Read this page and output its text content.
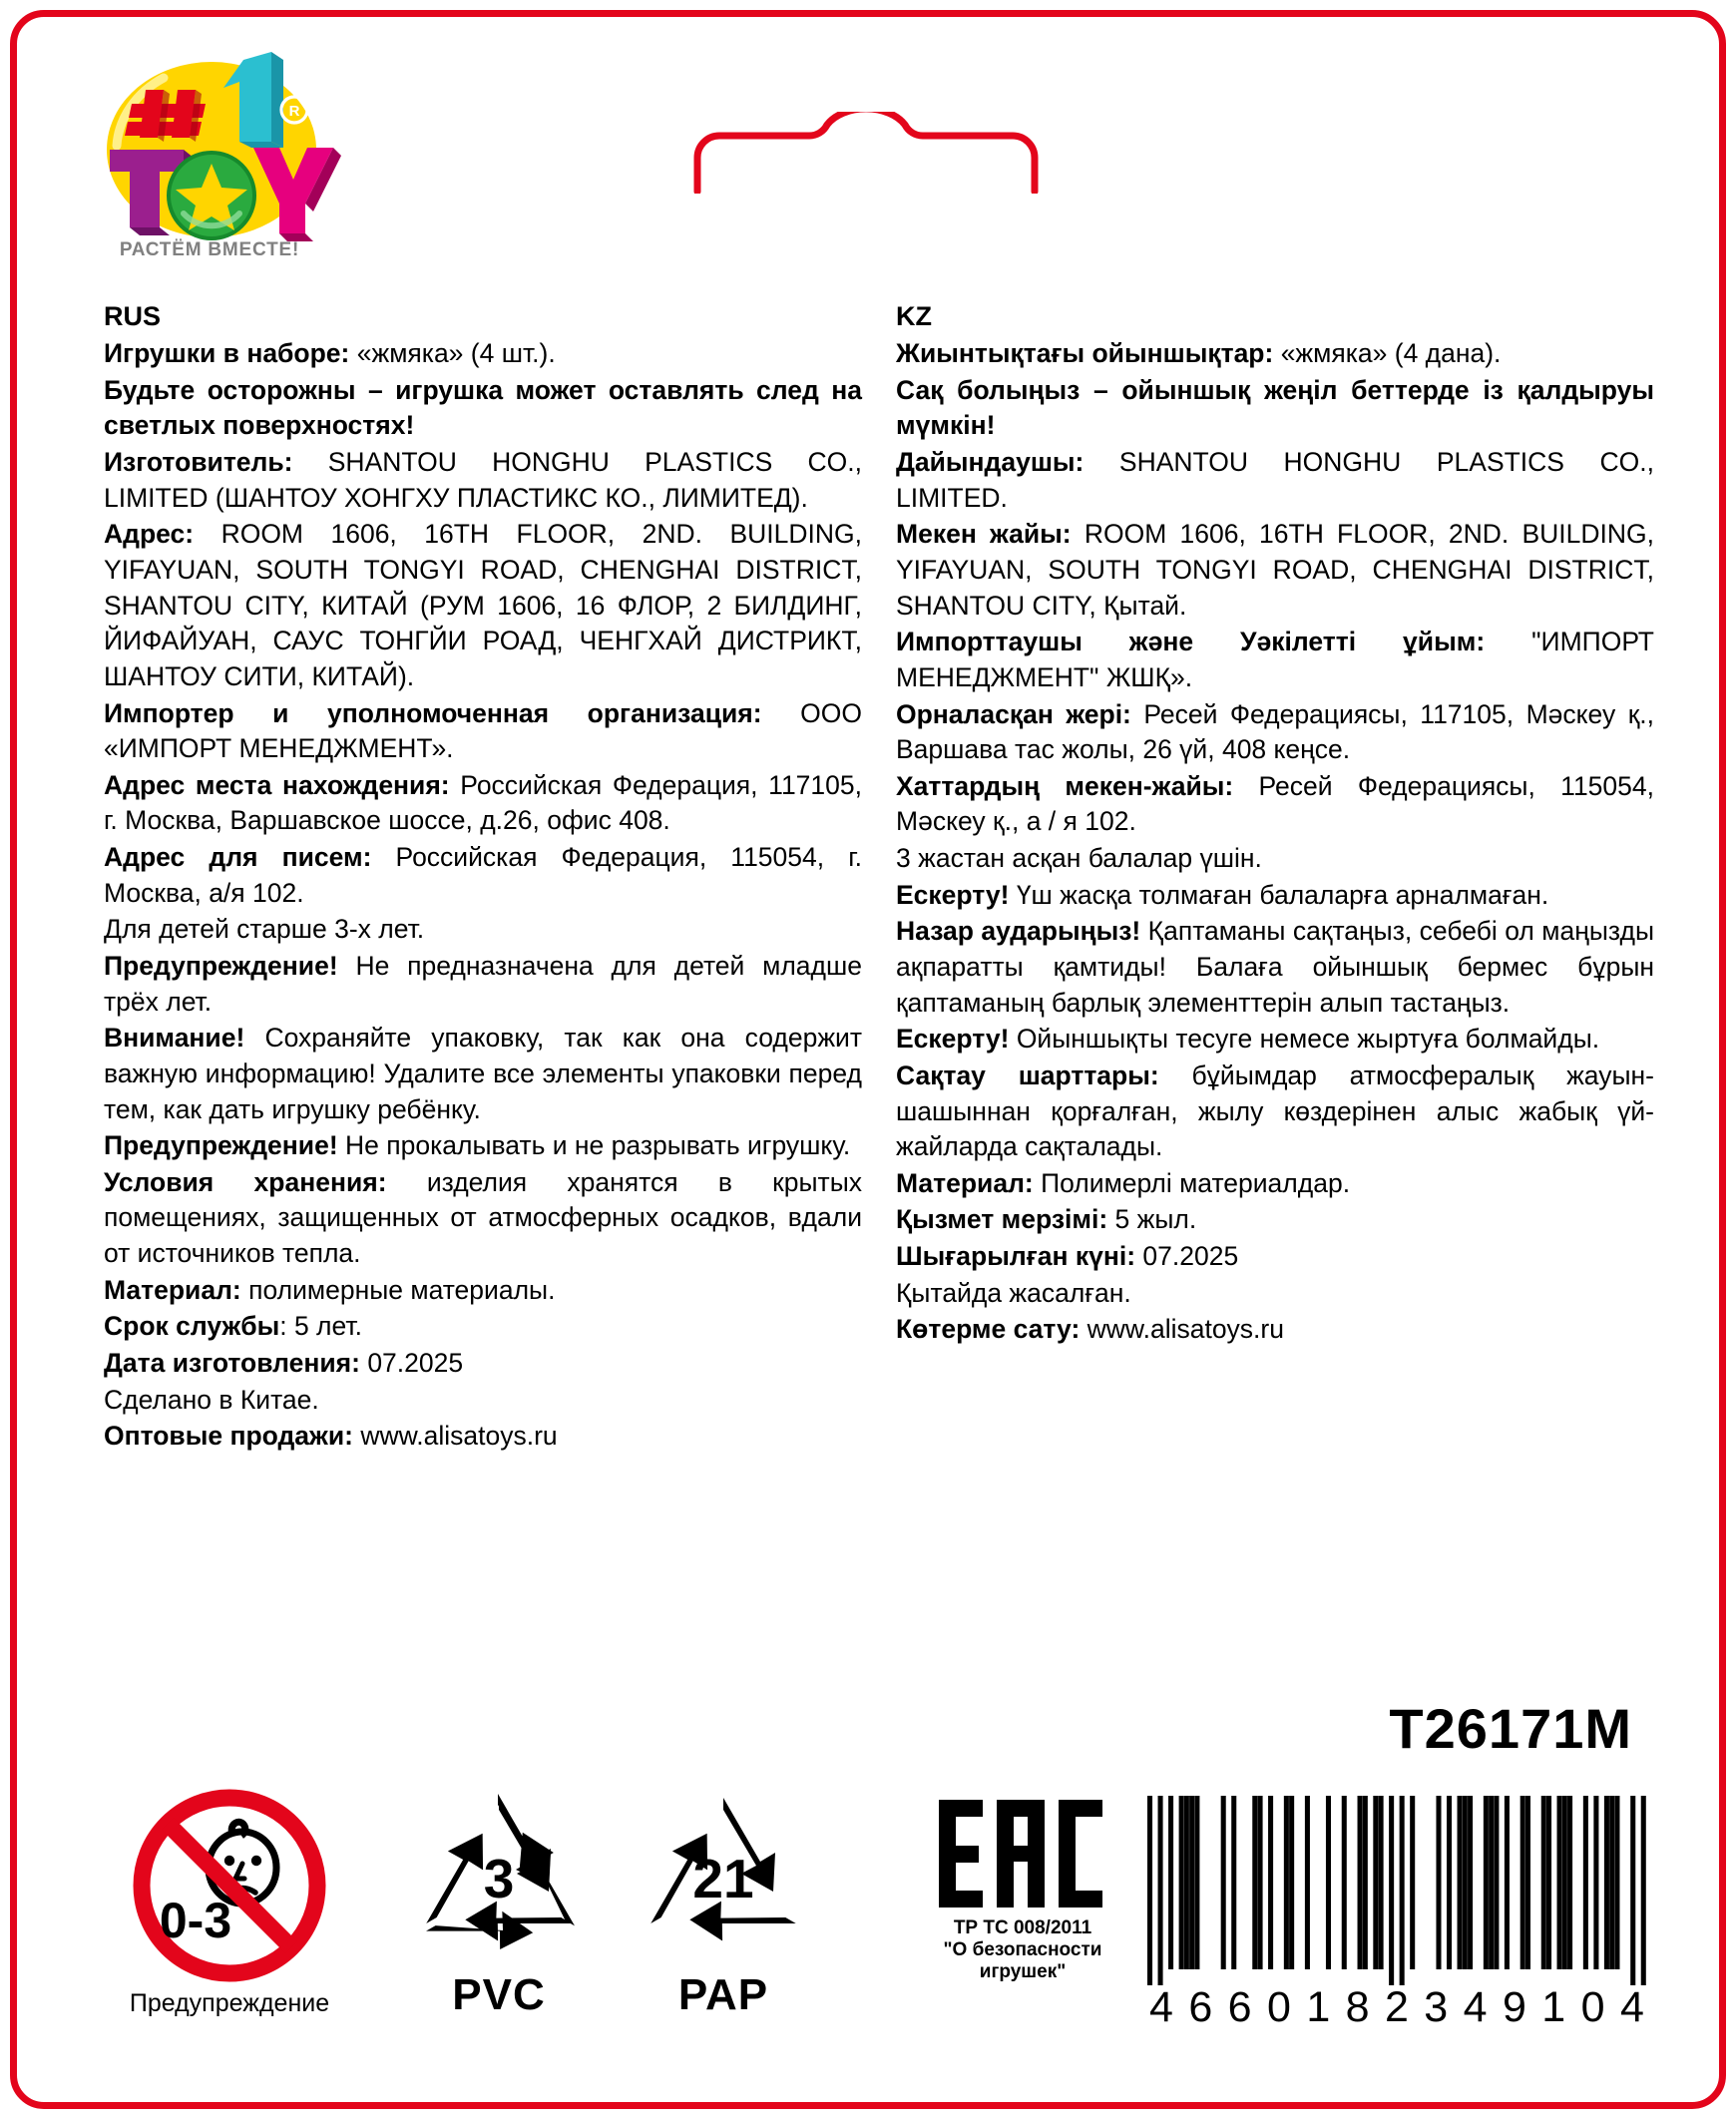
R
РАСТЁМ ВМЕСТЕ!
RUS

Игрушки в наборе: «жмяка» (4 шт.).

Будьте осторожны – игрушка может оставлять след на светлых поверхностях!

Изготовитель: SHANTOU HONGHU PLASTICS CO., LIMITED (ШАНТОУ ХОНГХУ ПЛАСТИКС КО., ЛИМИТЕД).

Адрес: ROOM 1606, 16TH FLOOR, 2ND. BUILDING, YIFAYUAN, SOUTH TONGYI ROAD, CHENGHAI DISTRICT, SHANTOU CITY, КИТАЙ (РУМ 1606, 16 ФЛОР, 2 БИЛДИНГ, ЙИФАЙУАН, САУС ТОНГЙИ РОАД, ЧЕНГХАЙ ДИСТРИКТ, ШАНТОУ СИТИ, КИТАЙ).

Импортер и уполномоченная организация: ООО «ИМПОРТ МЕНЕДЖМЕНТ».

Адрес места нахождения: Российская Федерация, 117105, г. Москва, Варшавское шоссе, д.26, офис 408.

Адрес для писем: Российская Федерация, 115054, г. Москва, а/я 102.

Для детей старше 3-х лет.

Предупреждение! Не предназначена для детей младше трёх лет.

Внимание! Сохраняйте упаковку, так как она содержит важную информацию! Удалите все элементы упаковки перед тем, как дать игрушку ребёнку.

Предупреждение! Не прокалывать и не разрывать игрушку.

Условия хранения: изделия хранятся в крытых помещениях, защищенных от атмосферных осадков, вдали от источников тепла.

Материал: полимерные материалы.

Срок службы: 5 лет.

Дата изготовления: 07.2025

Сделано в Китае.

Оптовые продажи: www.alisatoys.ru

KZ

Жиынтықтағы ойыншықтар: «жмяка» (4 дана).

Сақ болыңыз – ойыншық жеңіл беттерде із қалдыруы мүмкін!

Дайындаушы: SHANTOU HONGHU PLASTICS CO., LIMITED.

Мекен жайы: ROOM 1606, 16TH FLOOR, 2ND. BUILDING, YIFAYUAN, SOUTH TONGYI ROAD, CHENGHAI DISTRICT, SHANTOU CITY, Қытай.

Импорттаушы және Уәкілетті ұйым: "ИМПОРТ МЕНЕДЖМЕНТ" ЖШҚ».

Орналасқан жері: Ресей Федерациясы, 117105, Мәскеу қ., Варшава тас жолы, 26 үй, 408 кеңсе.

Хаттардың мекен-жайы: Ресей Федерациясы, 115054, Мәскеу қ., а / я 102.

3 жастан асқан балалар үшін.

Ескерту! Үш жасқа толмаған балаларға арналмаған.

Назар аударыңыз! Қаптаманы сақтаңыз, себебі ол маңызды ақпаратты қамтиды! Балаға ойыншық бермес бұрын қаптаманың барлық элементтерін алып тастаңыз.

Ескерту! Ойыншықты тесуге немесе жыртуға болмайды.

Сақтау шарттары: бұйымдар атмосфералық жауын-шашыннан қорғалған, жылу көздерінен алыс жабық үй-жайларда сақталады.

Материал: Полимерлі материалдар.

Қызмет мерзімі: 5 жыл.

Шығарылған күні: 07.2025

Қытайда жасалған.

Көтерме сату: www.alisatoys.ru

T26171M
0-3
Предупреждение
3
PVC
21
PAP
ТР ТС 008/2011
"О безопасности
игрушек"
4 6 6 0 1 8 2 3 4 9 1 0 4
